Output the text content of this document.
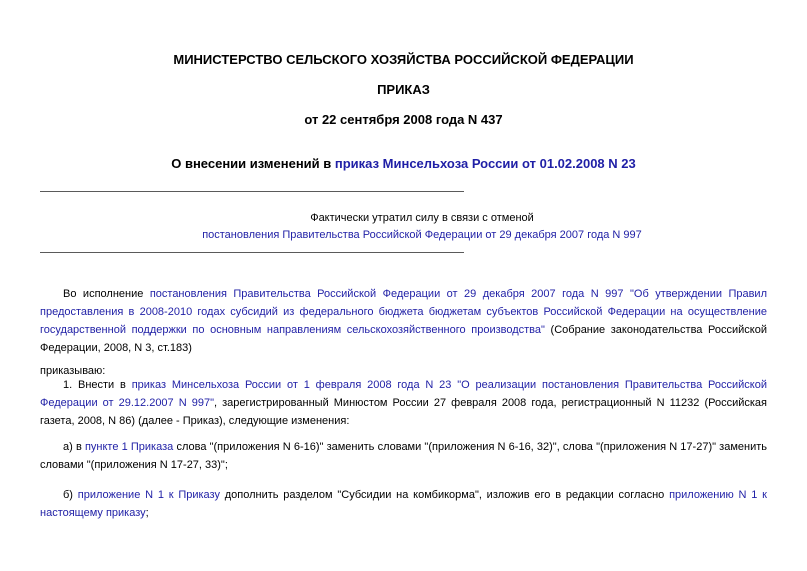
МИНИСТЕРСТВО СЕЛЬСКОГО ХОЗЯЙСТВА РОССИЙСКОЙ ФЕДЕРАЦИИ
ПРИКАЗ
от 22 сентября 2008 года N 437
О внесении изменений в приказ Минсельхоза России от 01.02.2008 N 23
Фактически утратил силу в связи с отменой
постановления Правительства Российской Федерации от 29 декабря 2007 года N 997
Во исполнение постановления Правительства Российской Федерации от 29 декабря 2007 года N 997 "Об утверждении Правил предоставления в 2008-2010 годах субсидий из федерального бюджета бюджетам субъектов Российской Федерации на осуществление государственной поддержки по основным направлениям сельскохозяйственного производства" (Собрание законодательства Российской Федерации, 2008, N 3, ст.183)
приказываю:
1. Внести в приказ Минсельхоза России от 1 февраля 2008 года N 23 "О реализации постановления Правительства Российской Федерации от 29.12.2007 N 997", зарегистрированный Минюстом России 27 февраля 2008 года, регистрационный N 11232 (Российская газета, 2008, N 86) (далее - Приказ), следующие изменения:
а) в пункте 1 Приказа слова "(приложения N 6-16)" заменить словами "(приложения N 6-16, 32)", слова "(приложения N 17-27)" заменить словами "(приложения N 17-27, 33)";
б) приложение N 1 к Приказу дополнить разделом "Субсидии на комбикорма", изложив его в редакции согласно приложению N 1 к настоящему приказу;
